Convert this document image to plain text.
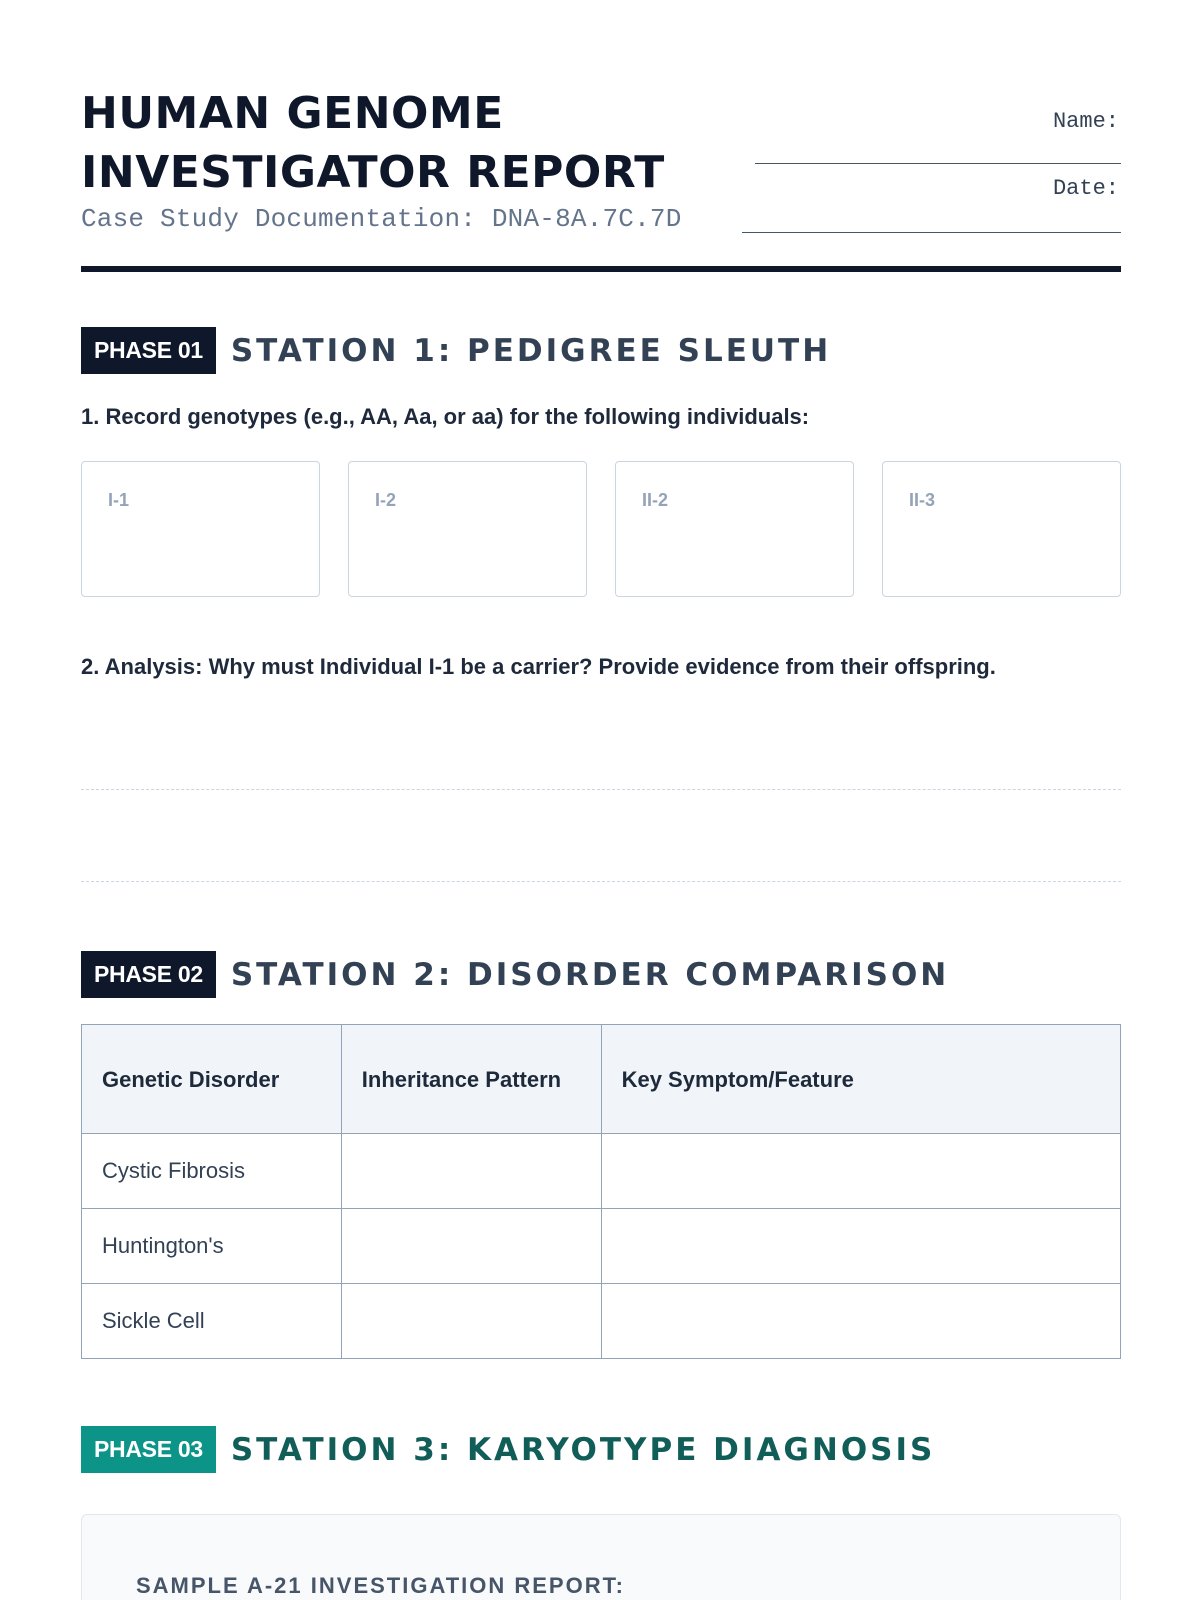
HUMAN GENOME
INVESTIGATOR REPORT
Case Study Documentation: DNA-8A.7C.7D
Name:
Date:
PHASE 01 STATION 1: PEDIGREE SLEUTH
1. Record genotypes (e.g., AA, Aa, or aa) for the following individuals:
I-1	I-2	II-2	II-3
2. Analysis: Why must Individual I-1 be a carrier? Provide evidence from their offspring.
PHASE 02 STATION 2: DISORDER COMPARISON
Genetic Disorder	Inheritance Pattern	Key Symptom/Feature
Cystic Fibrosis		
Huntington's		
Sickle Cell		
PHASE 03 STATION 3: KARYOTYPE DIAGNOSIS
SAMPLE A-21 INVESTIGATION REPORT:
